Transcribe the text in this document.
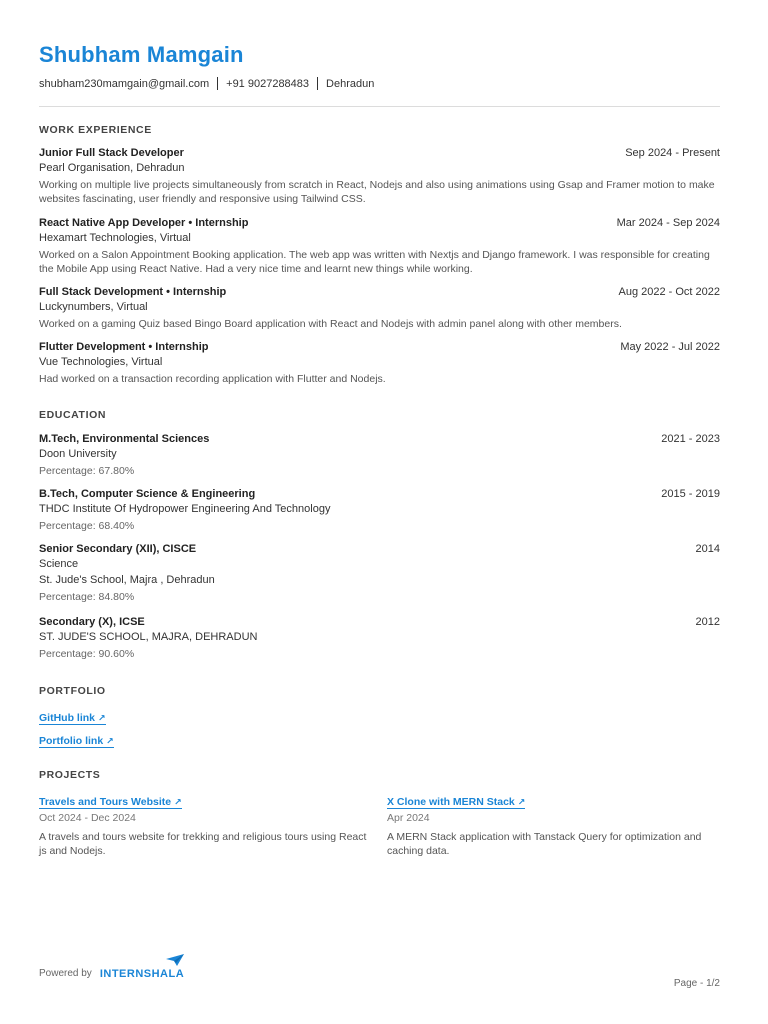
Shubham Mamgain
shubham230mamgain@gmail.com +91 9027288483 Dehradun
WORK EXPERIENCE
Junior Full Stack Developer	Sep 2024 - Present
Pearl Organisation, Dehradun
Working on multiple live projects simultaneously from scratch in React, Nodejs and also using animations using Gsap and Framer motion to make websites fascinating, user friendly and responsive using Tailwind CSS.
React Native App Developer • Internship	Mar 2024 - Sep 2024
Hexamart Technologies, Virtual
Worked on a Salon Appointment Booking application. The web app was written with Nextjs and Django framework. I was responsible for creating the Mobile App using React Native. Had a very nice time and learnt new things while working.
Full Stack Development • Internship	Aug 2022 - Oct 2022
Luckynumbers, Virtual
Worked on a gaming Quiz based Bingo Board application with React and Nodejs with admin panel along with other members.
Flutter Development • Internship	May 2022 - Jul 2022
Vue Technologies, Virtual
Had worked on a transaction recording application with Flutter and Nodejs.
EDUCATION
M.Tech, Environmental Sciences	2021 - 2023
Doon University
Percentage: 67.80%
B.Tech, Computer Science & Engineering	2015 - 2019
THDC Institute Of Hydropower Engineering And Technology
Percentage: 68.40%
Senior Secondary (XII), CISCE	2014
Science
St. Jude's School, Majra , Dehradun
Percentage: 84.80%
Secondary (X), ICSE	2012
ST. JUDE'S SCHOOL, MAJRA, DEHRADUN
Percentage: 90.60%
PORTFOLIO
GitHub link ↗
Portfolio link ↗
PROJECTS
Travels and Tours Website ↗
Oct 2024 - Dec 2024
A travels and tours website for trekking and religious tours using React js and Nodejs.
X Clone with MERN Stack ↗
Apr 2024
A MERN Stack application with Tanstack Query for optimization and caching data.
Powered by INTERNSHALA
Page - 1/2
